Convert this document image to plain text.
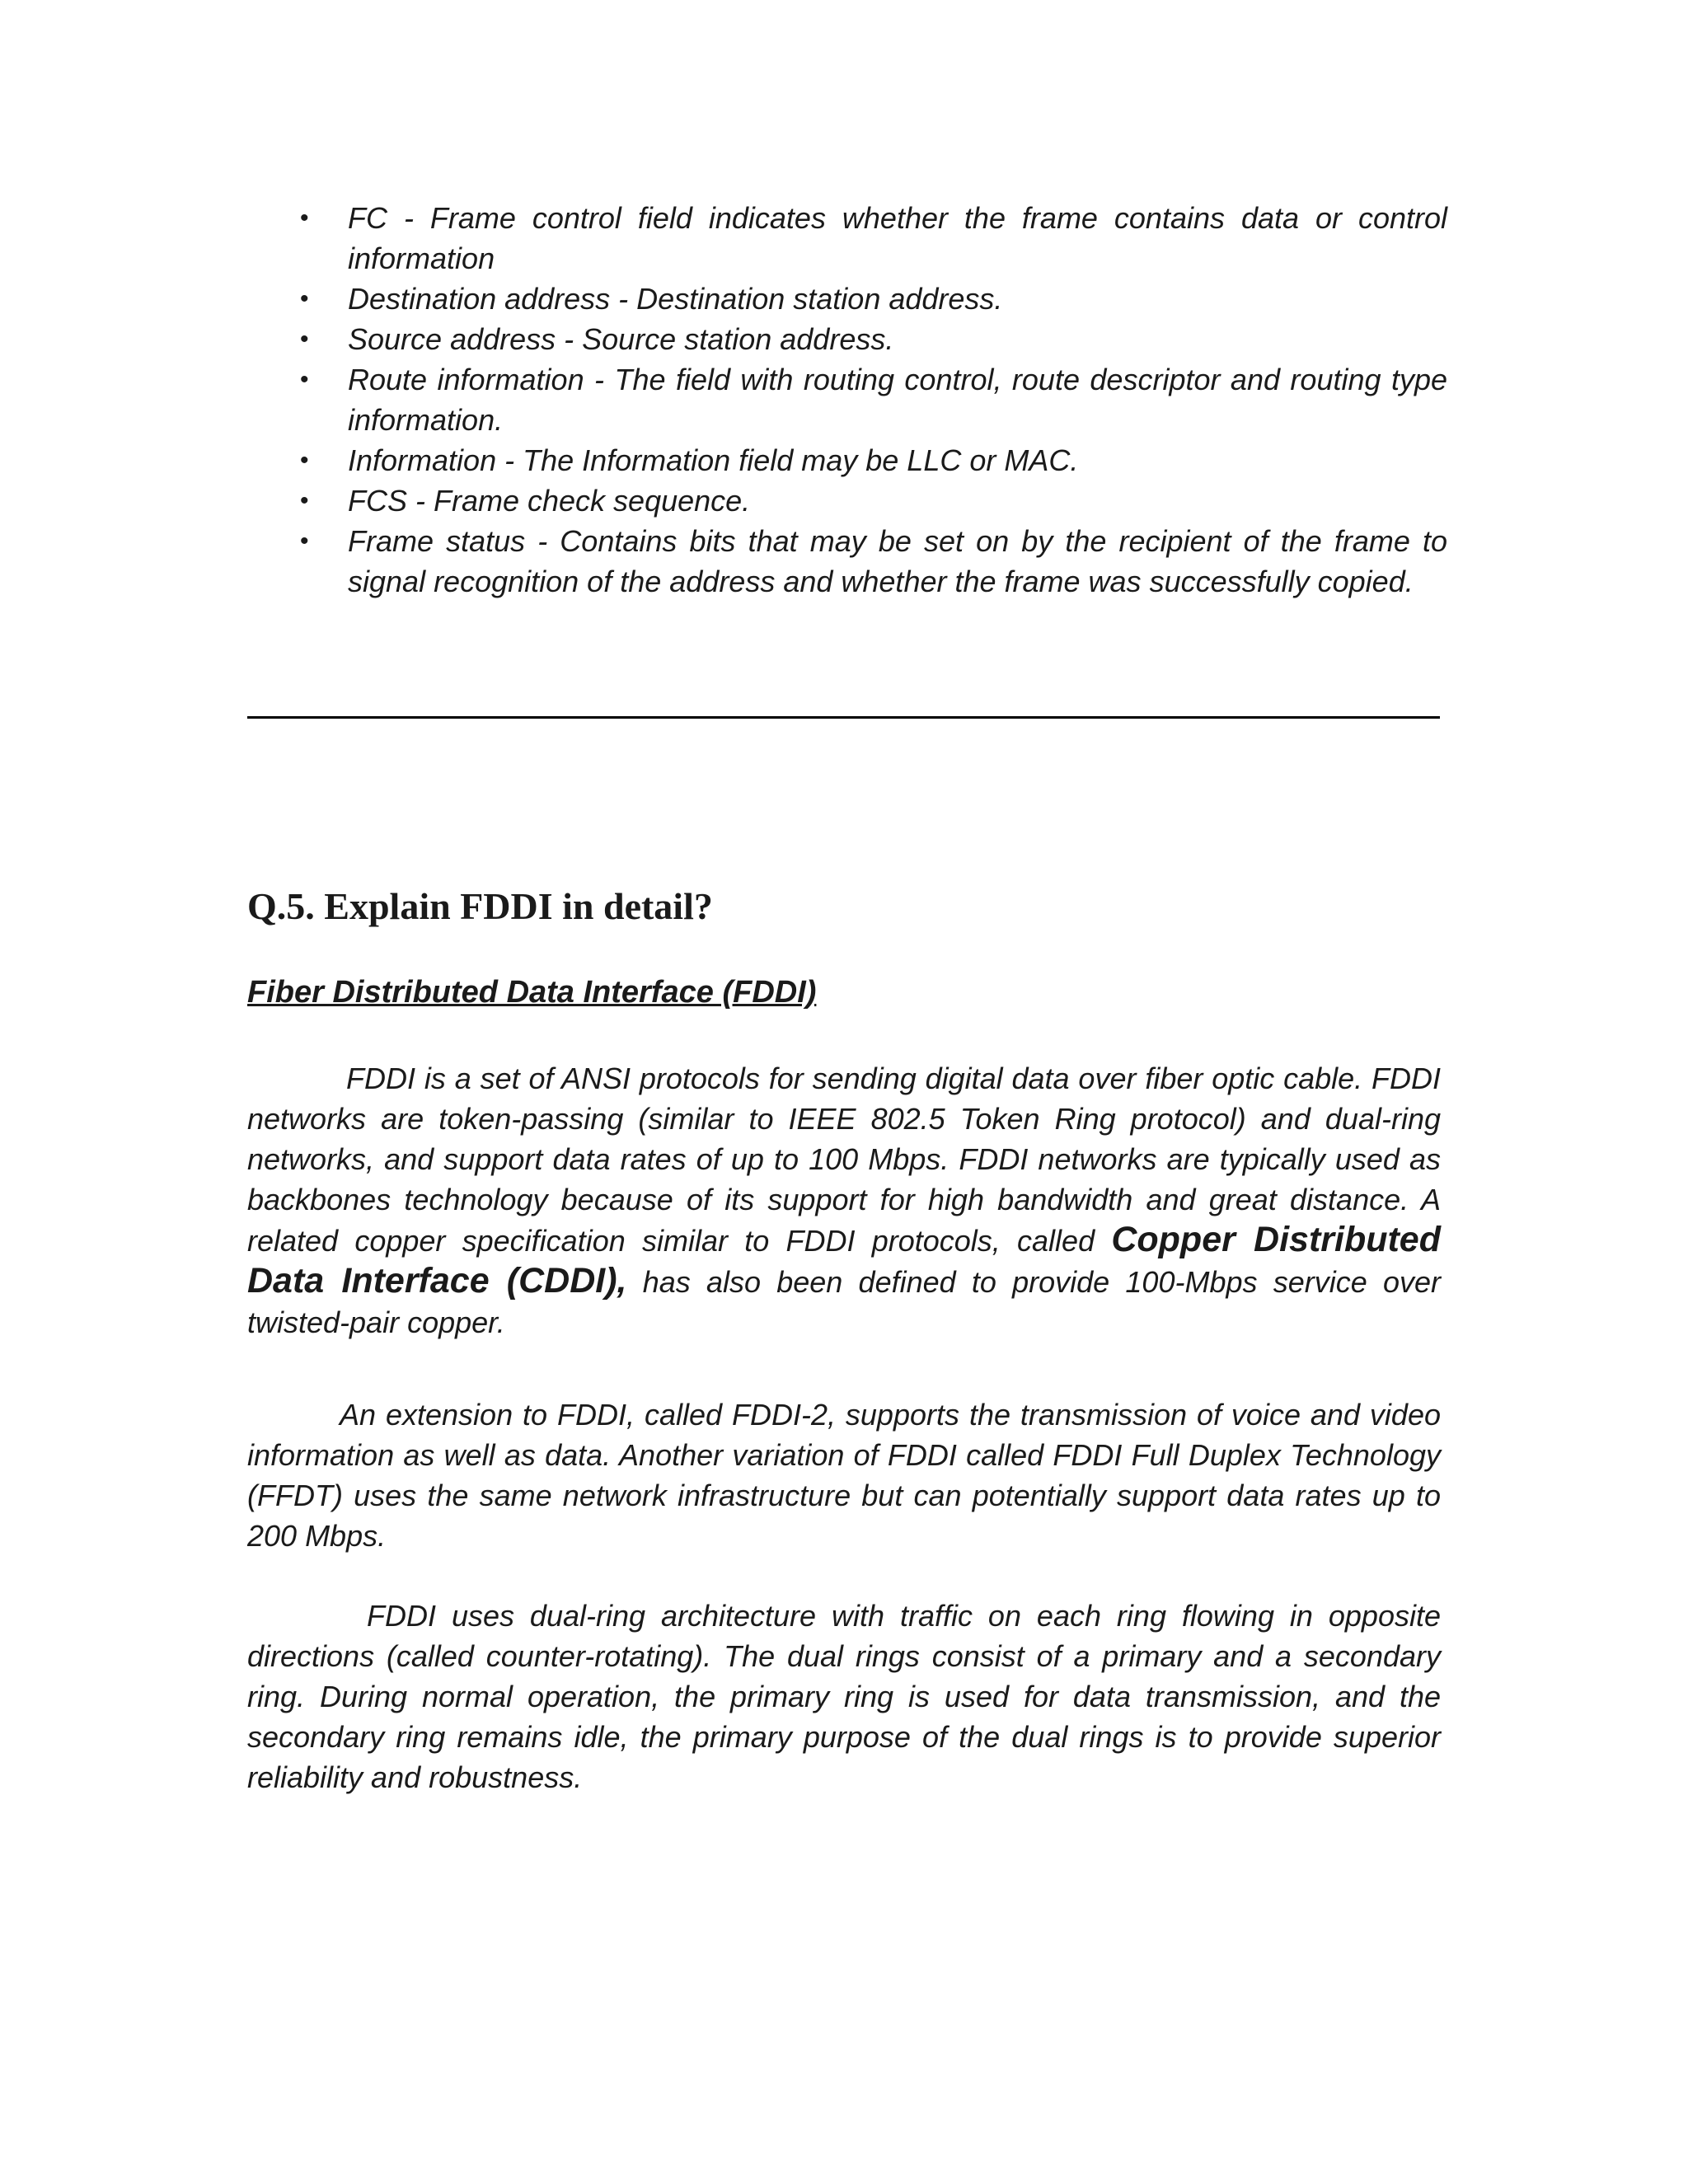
• FC - Frame control field indicates whether the frame contains data or control information
• Destination address - Destination station address.
• Source address - Source station address.
• Route information - The field with routing control, route descriptor and routing type information.
• Information - The Information field may be LLC or MAC.
• FCS - Frame check sequence.
• Frame status - Contains bits that may be set on by the recipient of the frame to signal recognition of the address and whether the frame was successfully copied.
Q.5. Explain FDDI in detail?
Fiber Distributed Data Interface (FDDI)

FDDI is a set of ANSI protocols for sending digital data over fiber optic cable. FDDI networks are token-passing (similar to IEEE 802.5 Token Ring protocol) and dual-ring networks, and support data rates of up to 100 Mbps. FDDI networks are typically used as backbones technology because of its support for high bandwidth and great distance. A related copper specification similar to FDDI protocols, called Copper Distributed Data Interface (CDDI), has also been defined to provide 100-Mbps service over twisted-pair copper.

An extension to FDDI, called FDDI-2, supports the transmission of voice and video information as well as data. Another variation of FDDI called FDDI Full Duplex Technology (FFDT) uses the same network infrastructure but can potentially support data rates up to 200 Mbps.

FDDI uses dual-ring architecture with traffic on each ring flowing in opposite directions (called counter-rotating). The dual rings consist of a primary and a secondary ring. During normal operation, the primary ring is used for data transmission, and the secondary ring remains idle, the primary purpose of the dual rings is to provide superior reliability and robustness.
